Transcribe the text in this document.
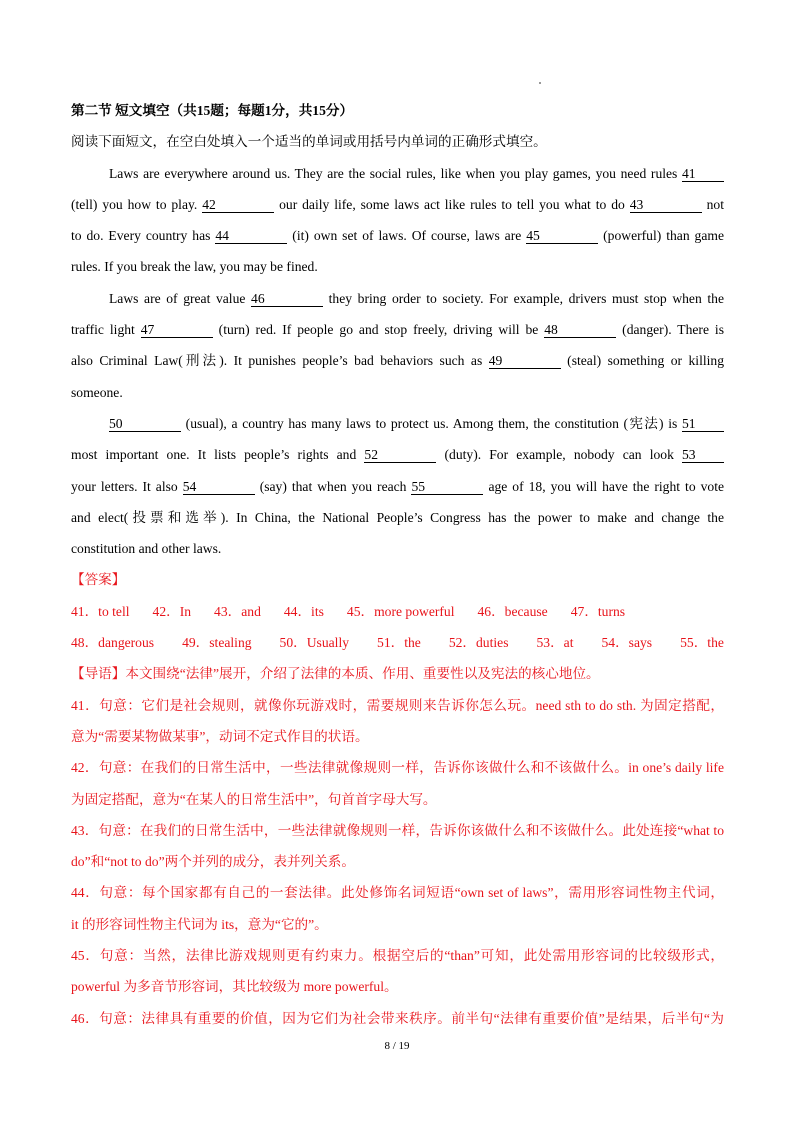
第二节 短文填空（共15题；每题1分，共15分）
阅读下面短文，在空白处填入一个适当的单词或用括号内单词的正确形式填空。
Laws are everywhere around us. They are the social rules, like when you play games, you need rules 41
(tell) you how to play. 42	our daily life, some laws act like rules to tell you what to do 43	not
to do. Every country has 44	(it) own set of laws. Of course, laws are 45	(powerful) than game
rules. If you break the law, you may be fined.
Laws are of great value 46	they bring order to society. For example, drivers must stop when the
traffic light 47	(turn) red. If people go and stop freely, driving will be 48	(danger). There is
also Criminal Law(刑法). It punishes people’s bad behaviors such as 49	(steal) something or killing
someone.
50	(usual), a country has many laws to protect us. Among them, the constitution (宪法) is 51
most important one. It lists people’s rights and 52	(duty). For example, nobody can look 53
your letters. It also 54	(say) that when you reach 55	age of 18, you will have the right to vote
and elect(投票和选举). In China, the National People’s Congress has the power to make and change the
constitution and other laws.
【答案】
41．to tell 42．In 43．and 44．its 45．more powerful 46．because 47．turns
48．dangerous 49．stealing 50．Usually 51．the 52．duties 53．at 54．says 55．the
【导语】本文围绕“法律”展开，介绍了法律的本质、作用、重要性以及宪法的核心地位。
41．句意：它们是社会规则，就像你玩游戏时，需要规则来告诉你怎么玩。need sth to do sth. 为固定搭配，
意为“需要某物做某事”，动词不定式作目的状语。
42．句意：在我们的日常生活中，一些法律就像规则一样，告诉你该做什么和不该做什么。in one’s daily life
为固定搭配，意为“在某人的日常生活中”，句首首字母大写。
43．句意：在我们的日常生活中，一些法律就像规则一样，告诉你该做什么和不该做什么。此处连接“what to
do”和“not to do”两个并列的成分，表并列关系。
44．句意：每个国家都有自己的一套法律。此处修饰名词短语“own set of laws”，需用形容词性物主代词，
it 的形容词性物主代词为 its，意为“它的”。
45．句意：当然，法律比游戏规则更有约束力。根据空后的“than”可知，此处需用形容词的比较级形式，
powerful 为多音节形容词，其比较级为 more powerful。
46．句意：法律具有重要的价值，因为它们为社会带来秩序。前半句“法律有重要价值”是结果，后半句“为
8 / 19
